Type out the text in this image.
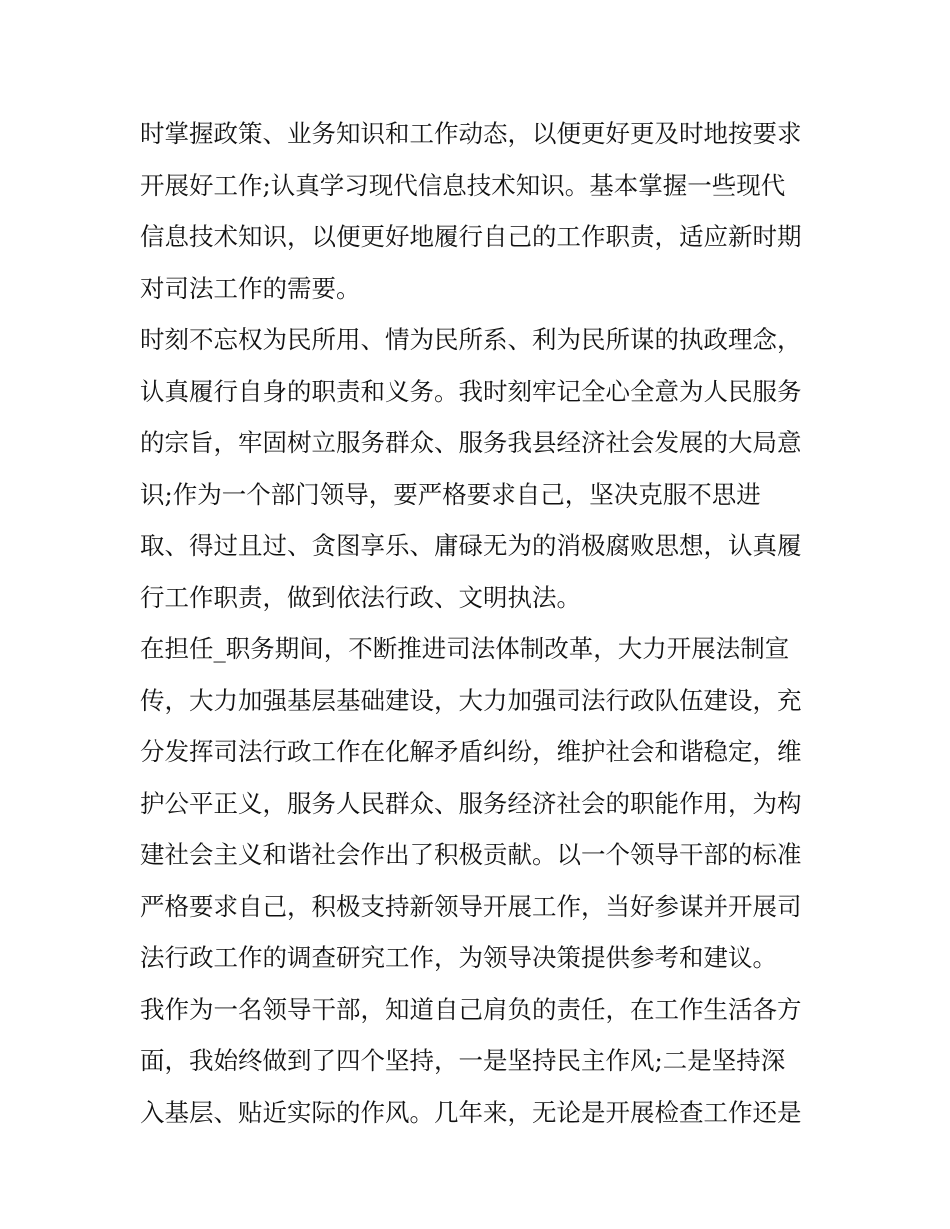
时掌握政策、业务知识和工作动态，以便更好更及时地按要求
开展好工作;认真学习现代信息技术知识。基本掌握一些现代
信息技术知识，以便更好地履行自己的工作职责，适应新时期
对司法工作的需要。
时刻不忘权为民所用、情为民所系、利为民所谋的执政理念，
认真履行自身的职责和义务。我时刻牢记全心全意为人民服务
的宗旨，牢固树立服务群众、服务我县经济社会发展的大局意
识;作为一个部门领导，要严格要求自己，坚决克服不思进
取、得过且过、贪图享乐、庸碌无为的消极腐败思想，认真履
行工作职责，做到依法行政、文明执法。
在担任_职务期间，不断推进司法体制改革，大力开展法制宣
传，大力加强基层基础建设，大力加强司法行政队伍建设，充
分发挥司法行政工作在化解矛盾纠纷，维护社会和谐稳定，维
护公平正义，服务人民群众、服务经济社会的职能作用，为构
建社会主义和谐社会作出了积极贡献。以一个领导干部的标准
严格要求自己，积极支持新领导开展工作，当好参谋并开展司
法行政工作的调查研究工作，为领导决策提供参考和建议。
我作为一名领导干部，知道自己肩负的责任，在工作生活各方
面，我始终做到了四个坚持，一是坚持民主作风;二是坚持深
入基层、贴近实际的作风。几年来，无论是开展检查工作还是
